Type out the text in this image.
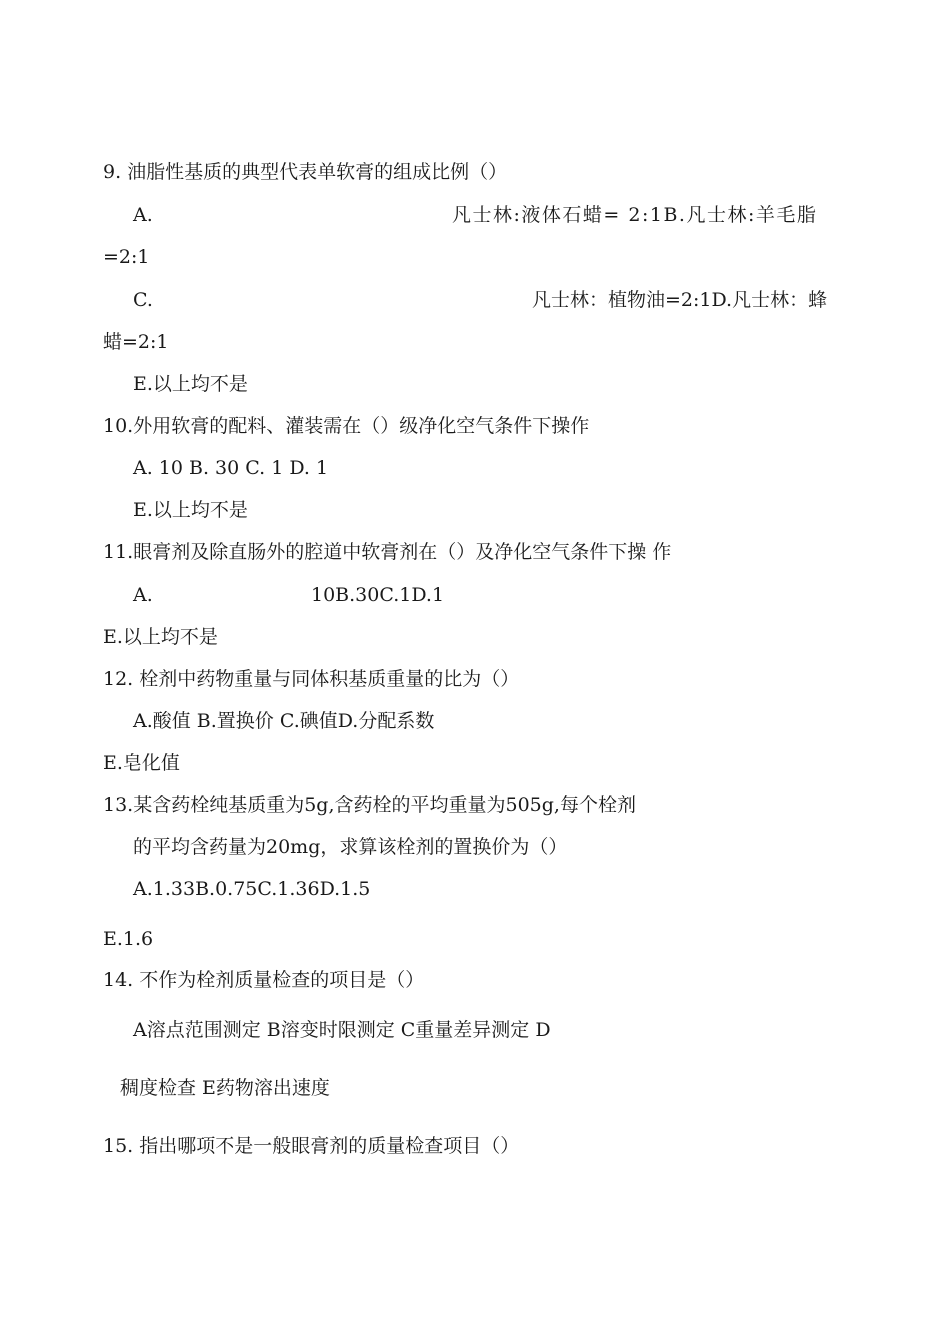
9. 油脂性基质的典型代表单软膏的组成比例（）
A.	凡士林:液体石蜡= 2:1B.凡士林:羊毛脂
=2:1
C.	凡士林：植物油=2:1D.凡士林：蜂
蜡=2:1
E.以上均不是
10.外用软膏的配料、灌装需在（）级净化空气条件下操作
A. 10 B. 30 C. 1 D. 1
E.以上均不是
11.眼膏剂及除直肠外的腔道中软膏剂在（）及净化空气条件下操 作
A.	10B.30C.1D.1
E.以上均不是
12. 栓剂中药物重量与同体积基质重量的比为（）
A.酸值 B.置换价 C.碘值D.分配系数
E.皂化值
13.某含药栓纯基质重为5g,含药栓的平均重量为505g,每个栓剂
的平均含药量为20mg，求算该栓剂的置换价为（）
A.1.33B.0.75C.1.36D.1.5
E.1.6
14. 不作为栓剂质量检查的项目是（）
A溶点范围测定 B溶变时限测定 C重量差异测定 D
稠度检查 E药物溶出速度
15. 指出哪项不是一般眼膏剂的质量检查项目（）
